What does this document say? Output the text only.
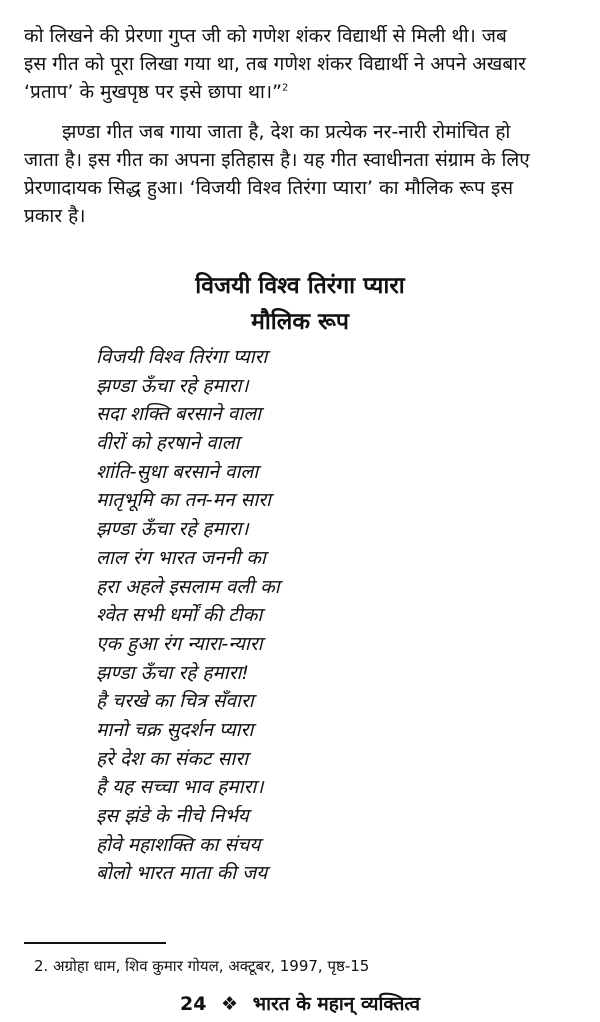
को लिखने की प्रेरणा गुप्त जी को गणेश शंकर विद्यार्थी से मिली थी। जब
इस गीत को पूरा लिखा गया था, तब गणेश शंकर विद्यार्थी ने अपने अखबार
‘प्रताप’ के मुखपृष्ठ पर इसे छापा था।”$^2$
झण्डा गीत जब गाया जाता है, देश का प्रत्येक नर-नारी रोमांचित हो
जाता है। इस गीत का अपना इतिहास है। यह गीत स्वाधीनता संग्राम के लिए
प्रेरणादायक सिद्ध हुआ। ‘विजयी विश्व तिरंगा प्यारा’ का मौलिक रूप इस
प्रकार है।
विजयी विश्व तिरंगा प्यारा
मौलिक रूप
विजयी विश्व तिरंगा प्यारा
झण्डा ऊँचा रहे हमारा।
सदा शक्ति बरसाने वाला
वीरों को हरषाने वाला
शांति-सुधा बरसाने वाला
मातृभूमि का तन-मन सारा
झण्डा ऊँचा रहे हमारा।
लाल रंग भारत जननी का
हरा अहले इसलाम वली का
श्वेत सभी धर्मों की टीका
एक हुआ रंग न्यारा-न्यारा
झण्डा ऊँचा रहे हमारा!
है चरखे का चित्र सँवारा
मानो चक्र सुदर्शन प्यारा
हरे देश का संकट सारा
है यह सच्चा भाव हमारा।
इस झंडे के नीचे निर्भय
होवे महाशक्ति का संचय
बोलो भारत माता की जय
2. अग्रोहा धाम, शिव कुमार गोयल, अक्टूबर, 1997, पृष्ठ-15
24 ❖ भारत के महान् व्यक्तित्व
